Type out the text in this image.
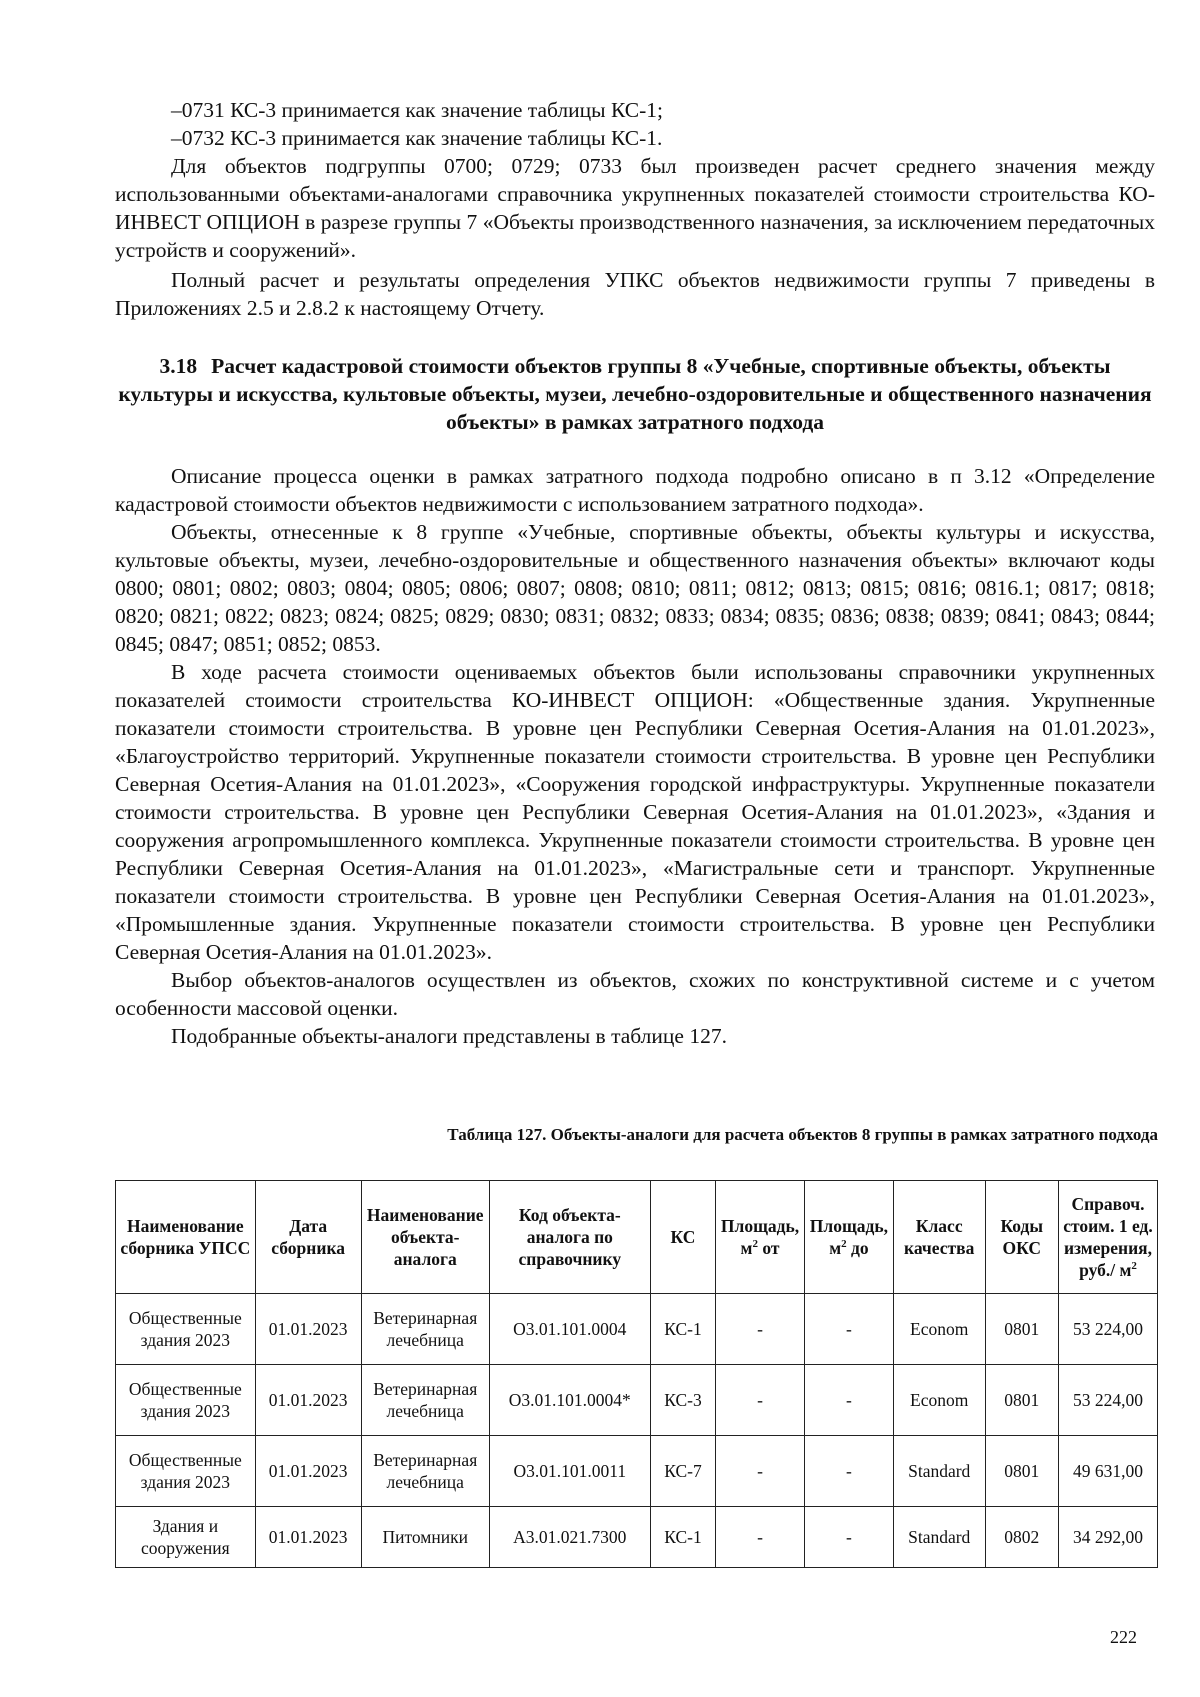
–0731 КС-3 принимается как значение таблицы КС-1;

–0732 КС-3 принимается как значение таблицы КС-1.

Для объектов подгруппы 0700; 0729; 0733 был произведен расчет среднего значения между использованными объектами-аналогами справочника укрупненных показателей стоимости строительства КО-ИНВЕСТ ОПЦИОН в разрезе группы 7 «Объекты производственного назначения, за исключением передаточных устройств и сооружений».

Полный расчет и результаты определения УПКС объектов недвижимости группы 7 приведены в Приложениях 2.5 и 2.8.2 к настоящему Отчету.

3.18 Расчет кадастровой стоимости объектов группы 8 «Учебные, спортивные объекты, объекты культуры и искусства, культовые объекты, музеи, лечебно-оздоровительные и общественного назначения объекты» в рамках затратного подхода

Описание процесса оценки в рамках затратного подхода подробно описано в п 3.12 «Определение кадастровой стоимости объектов недвижимости с использованием затратного подхода».

Объекты, отнесенные к 8 группе «Учебные, спортивные объекты, объекты культуры и искусства, культовые объекты, музеи, лечебно-оздоровительные и общественного назначения объекты» включают коды 0800; 0801; 0802; 0803; 0804; 0805; 0806; 0807; 0808; 0810; 0811; 0812; 0813; 0815; 0816; 0816.1; 0817; 0818; 0820; 0821; 0822; 0823; 0824; 0825; 0829; 0830; 0831; 0832; 0833; 0834; 0835; 0836; 0838; 0839; 0841; 0843; 0844; 0845; 0847; 0851; 0852; 0853.

В ходе расчета стоимости оцениваемых объектов были использованы справочники укрупненных показателей стоимости строительства КО-ИНВЕСТ ОПЦИОН: «Общественные здания. Укрупненные показатели стоимости строительства. В уровне цен Республики Северная Осетия-Алания на 01.01.2023», «Благоустройство территорий. Укрупненные показатели стоимости строительства. В уровне цен Республики Северная Осетия-Алания на 01.01.2023», «Сооружения городской инфраструктуры. Укрупненные показатели стоимости строительства. В уровне цен Республики Северная Осетия-Алания на 01.01.2023», «Здания и сооружения агропромышленного комплекса. Укрупненные показатели стоимости строительства. В уровне цен Республики Северная Осетия-Алания на 01.01.2023», «Магистральные сети и транспорт. Укрупненные показатели стоимости строительства. В уровне цен Республики Северная Осетия-Алания на 01.01.2023», «Промышленные здания. Укрупненные показатели стоимости строительства. В уровне цен Республики Северная Осетия-Алания на 01.01.2023».

Выбор объектов-аналогов осуществлен из объектов, схожих по конструктивной системе и с учетом особенности массовой оценки.

Подобранные объекты-аналоги представлены в таблице 127.

Таблица 127. Объекты-аналоги для расчета объектов 8 группы в рамках затратного подхода

Наименование сборника УПСС	Дата сборника	Наименование объекта-аналога	Код объекта-аналога по справочнику	КС	Площадь, $м^2$ от	Площадь, $м^2$ до	Класс качества	Коды ОКС	Справоч. стоим. 1 ед. измерения, руб./ $м^2$
Общественные здания 2023	01.01.2023	Ветеринарная лечебница	О3.01.101.0004	КС-1	-	-	Econom	0801	53 224,00
Общественные здания 2023	01.01.2023	Ветеринарная лечебница	О3.01.101.0004*	КС-3	-	-	Econom	0801	53 224,00
Общественные здания 2023	01.01.2023	Ветеринарная лечебница	О3.01.101.0011	КС-7	-	-	Standard	0801	49 631,00
Здания и сооружения	01.01.2023	Питомники	А3.01.021.7300	КС-1	-	-	Standard	0802	34 292,00
222
